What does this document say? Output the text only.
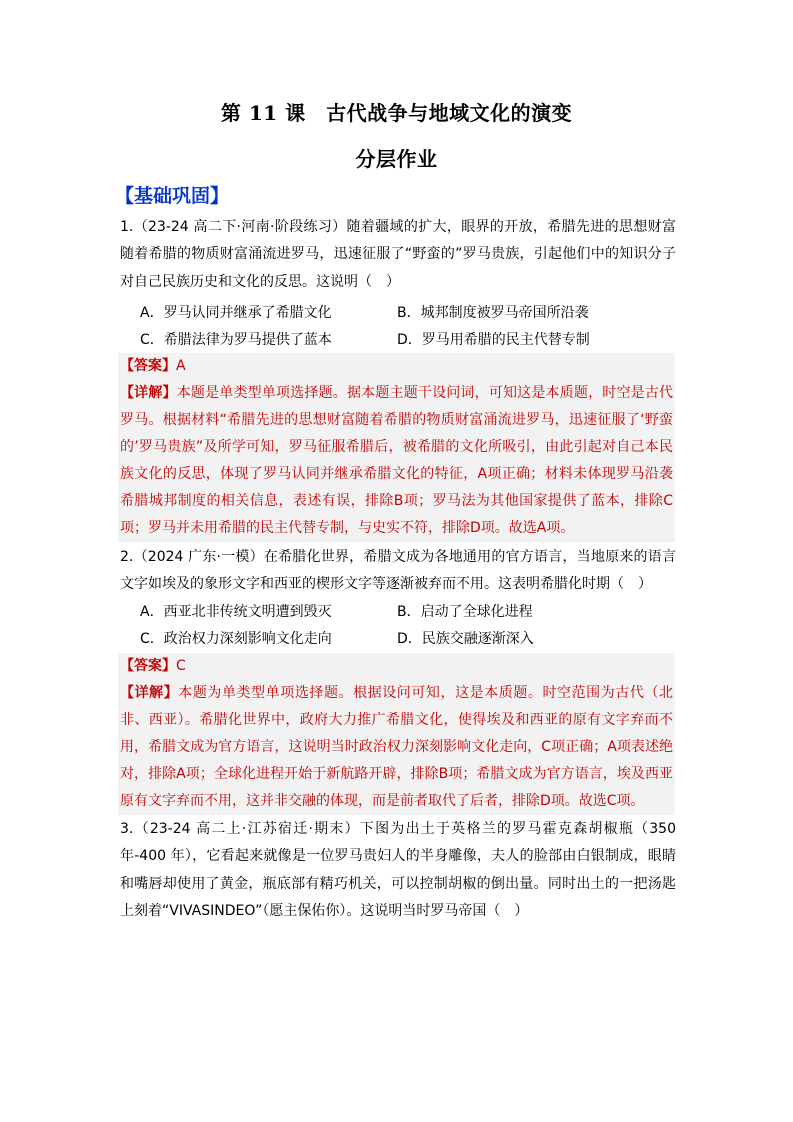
第 11 课　古代战争与地域文化的演变
分层作业
【基础巩固】
1.（23-24 高二下·河南·阶段练习）随着疆域的扩大，眼界的开放，希腊先进的思想财富随着希腊的物质财富涌流进罗马，迅速征服了“野蛮的”罗马贵族，引起他们中的知识分子对自己民族历史和文化的反思。这说明（　）
A．罗马认同并继承了希腊文化	B．城邦制度被罗马帝国所沿袭
C．希腊法律为罗马提供了蓝本	D．罗马用希腊的民主代替专制
【答案】A
【详解】本题是单类型单项选择题。据本题主题干设问词，可知这是本质题，时空是古代罗马。根据材料“希腊先进的思想财富随着希腊的物质财富涌流进罗马，迅速征服了‘野蛮的’罗马贵族”及所学可知，罗马征服希腊后，被希腊的文化所吸引，由此引起对自己本民族文化的反思，体现了罗马认同并继承希腊文化的特征，A项正确；材料未体现罗马沿袭希腊城邦制度的相关信息，表述有误，排除B项；罗马法为其他国家提供了蓝本，排除C项；罗马并未用希腊的民主代替专制，与史实不符，排除D项。故选A项。
2.（2024 广东·一模）在希腊化世界，希腊文成为各地通用的官方语言，当地原来的语言文字如埃及的象形文字和西亚的楔形文字等逐渐被弃而不用。这表明希腊化时期（　）
A．西亚北非传统文明遭到毁灭	B．启动了全球化进程
C．政治权力深刻影响文化走向	D．民族交融逐渐深入
【答案】C
【详解】本题为单类型单项选择题。根据设问可知，这是本质题。时空范围为古代（北非、西亚）。希腊化世界中，政府大力推广希腊文化，使得埃及和西亚的原有文字弃而不用，希腊文成为官方语言，这说明当时政治权力深刻影响文化走向，C项正确；A项表述绝对，排除A项；全球化进程开始于新航路开辟，排除B项；希腊文成为官方语言，埃及西亚原有文字弃而不用，这并非交融的体现，而是前者取代了后者，排除D项。故选C项。
3.（23-24 高二上·江苏宿迁·期末）下图为出土于英格兰的罗马霍克森胡椒瓶（350 年-400 年），它看起来就像是一位罗马贵妇人的半身雕像，夫人的脸部由白银制成，眼睛和嘴唇却使用了黄金，瓶底部有精巧机关，可以控制胡椒的倒出量。同时出土的一把汤匙上刻着“VIVASINDEO”（愿主保佑你）。这说明当时罗马帝国（　）
